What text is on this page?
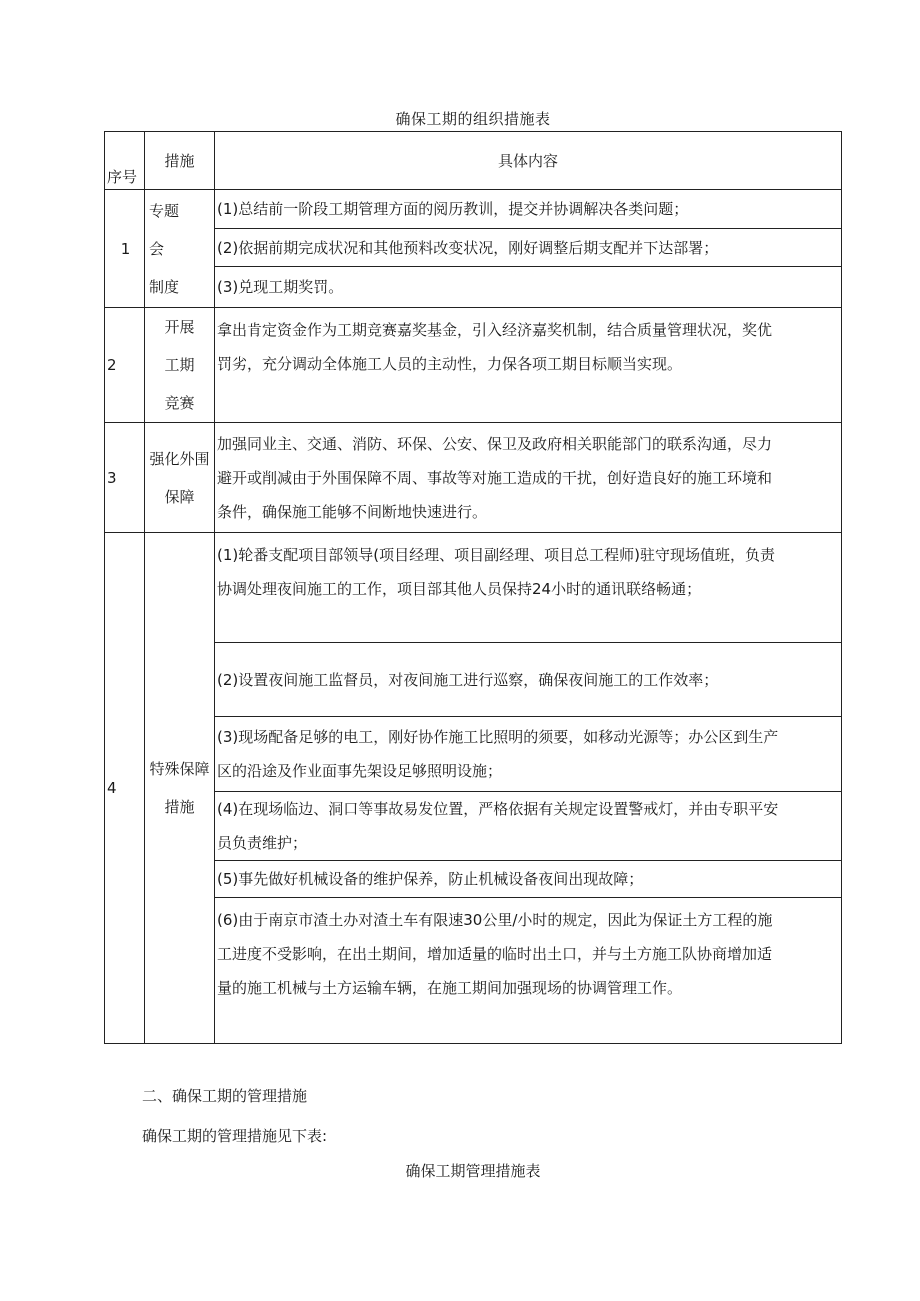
确保工期的组织措施表
序号	措施	具体内容
1	专题
会
制度	(1)总结前一阶段工期管理方面的阅历教训，提交并协调解决各类问题；
		(2)依据前期完成状况和其他预料改变状况，刚好调整后期支配并下达部署；
		(3)兑现工期奖罚。
2	开展
工期
竞赛	拿出肯定资金作为工期竞赛嘉奖基金，引入经济嘉奖机制，结合质量管理状况，奖优
罚劣，充分调动全体施工人员的主动性，力保各项工期目标顺当实现。

3	强化外围
保障	加强同业主、交通、消防、环保、公安、保卫及政府相关职能部门的联系沟通，尽力
避开或削减由于外围保障不周、事故等对施工造成的干扰，创好造良好的施工环境和
条件，确保施工能够不间断地快速进行。

4	特殊保障
措施	(1)轮番支配项目部领导(项目经理、项目副经理、项目总工程师)驻守现场值班，负责
协调处理夜间施工的工作，项目部其他人员保持24小时的通讯联络畅通；

		(2)设置夜间施工监督员，对夜间施工进行巡察，确保夜间施工的工作效率；

		(3)现场配备足够的电工，刚好协作施工比照明的须要，如移动光源等；办公区到生产
区的沿途及作业面事先架设足够照明设施；

		(4)在现场临边、洞口等事故易发位置，严格依据有关规定设置警戒灯，并由专职平安
员负责维护；

		(5)事先做好机械设备的维护保养，防止机械设备夜间出现故障；

		(6)由于南京市渣土办对渣土车有限速30公里/小时的规定，因此为保证土方工程的施
工进度不受影响，在出土期间，增加适量的临时出土口，并与土方施工队协商增加适
量的施工机械与土方运输车辆，在施工期间加强现场的协调管理工作。
二、确保工期的管理措施
确保工期的管理措施见下表:
确保工期管理措施表
